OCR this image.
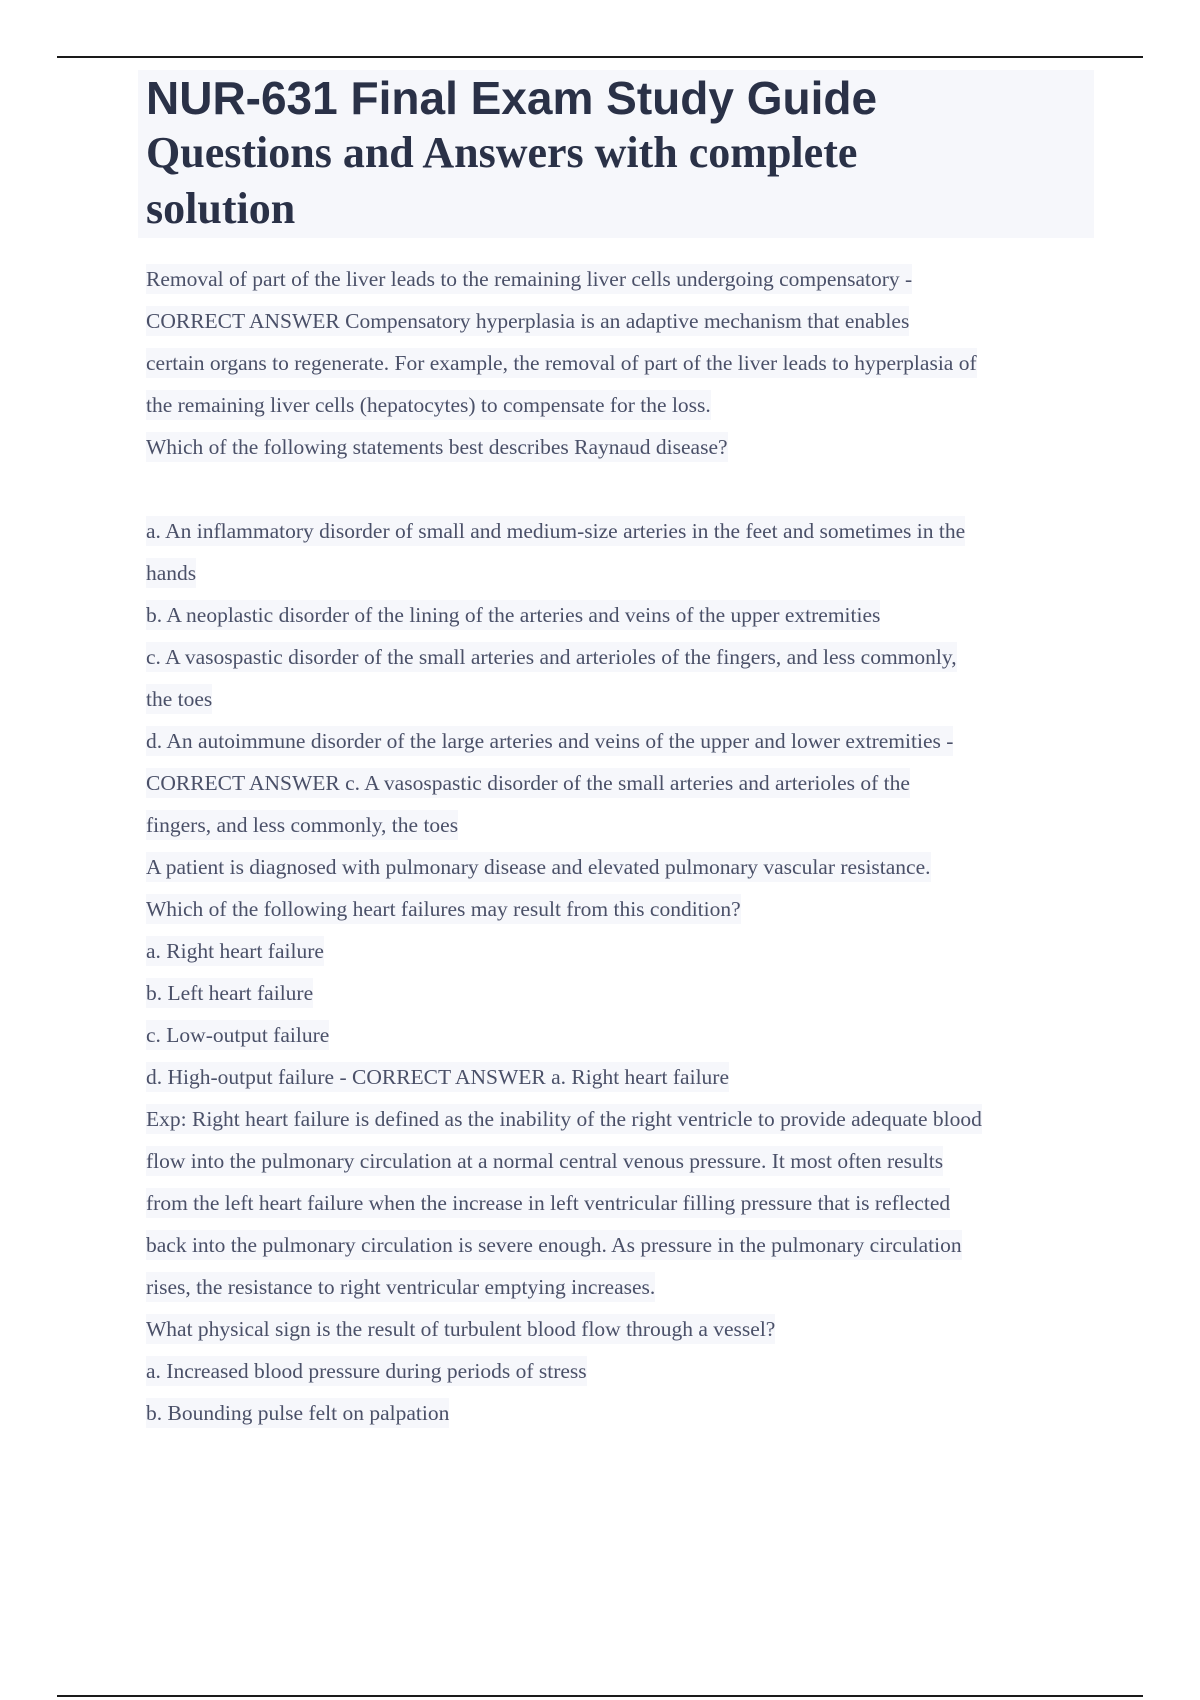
NUR-631 Final Exam Study Guide
Questions and Answers with complete
solution
Removal of part of the liver leads to the remaining liver cells undergoing compensatory -
CORRECT ANSWER Compensatory hyperplasia is an adaptive mechanism that enables
certain organs to regenerate. For example, the removal of part of the liver leads to hyperplasia of
the remaining liver cells (hepatocytes) to compensate for the loss.
Which of the following statements best describes Raynaud disease?
a. An inflammatory disorder of small and medium-size arteries in the feet and sometimes in the
hands
b. A neoplastic disorder of the lining of the arteries and veins of the upper extremities
c. A vasospastic disorder of the small arteries and arterioles of the fingers, and less commonly,
the toes
d. An autoimmune disorder of the large arteries and veins of the upper and lower extremities -
CORRECT ANSWER c. A vasospastic disorder of the small arteries and arterioles of the
fingers, and less commonly, the toes
A patient is diagnosed with pulmonary disease and elevated pulmonary vascular resistance.
Which of the following heart failures may result from this condition?
a. Right heart failure
b. Left heart failure
c. Low-output failure
d. High-output failure - CORRECT ANSWER a. Right heart failure
Exp: Right heart failure is defined as the inability of the right ventricle to provide adequate blood
flow into the pulmonary circulation at a normal central venous pressure. It most often results
from the left heart failure when the increase in left ventricular filling pressure that is reflected
back into the pulmonary circulation is severe enough. As pressure in the pulmonary circulation
rises, the resistance to right ventricular emptying increases.
What physical sign is the result of turbulent blood flow through a vessel?
a. Increased blood pressure during periods of stress
b. Bounding pulse felt on palpation
